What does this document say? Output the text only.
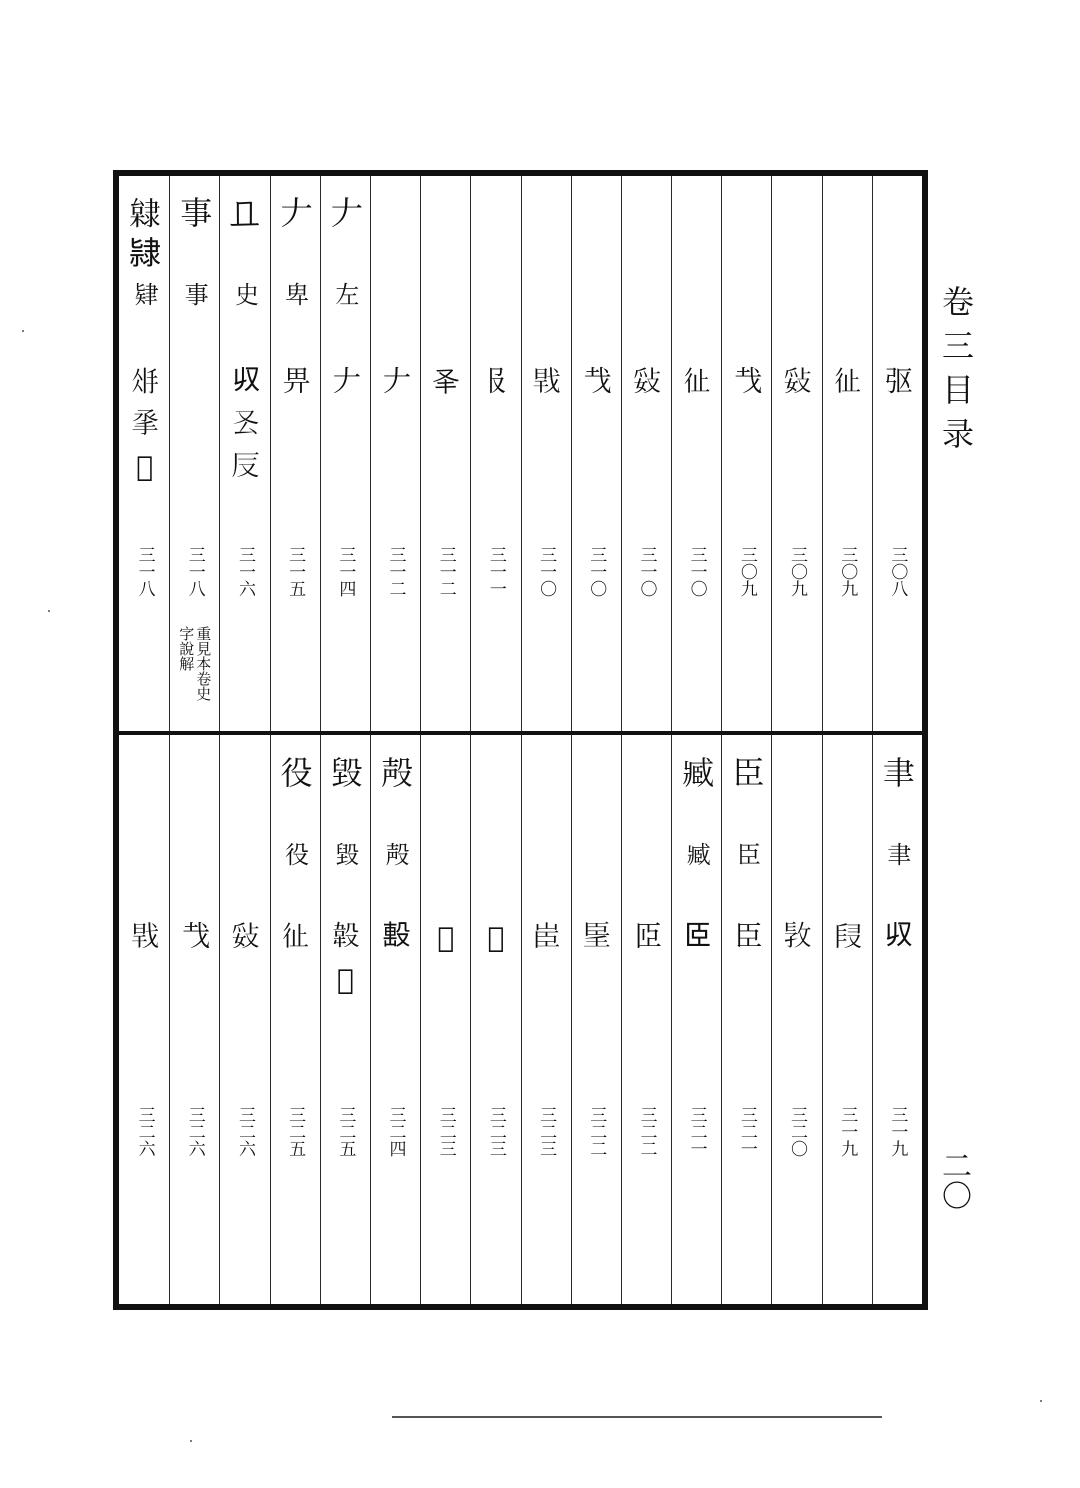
𫸩
三〇八
𢓊
三〇九
𢼻
三〇九
𢦏
三〇九
𢓊
三一〇
𢼻
三一〇
𢦏
三一〇
𢧀
三一〇
𠬝
三一一
𠬤
三一二
𠂇
三一二
𠂇
左
𠂇
三一四
𠂇
卑
畀
三一五
𠀃
史
𠬞𠬟𠬡
三一六
事
事
三一八
重見本卷史
字說解
𨽿𨽻
肄
𢪽𢪻𢪹
三一八
聿
聿
𠬞
三一九
𠭊
三一九
𢼪
三二〇
臣
臣
臣
三二一
臧
臧
𦣞
三二一
𦣝
三二二
𦣠
三二二
𦣟
三二三
𦣡
三二三
𢼸
三二三
殸
殸
𣪠
三二四
毀
毀
𣪡𣪢
三二五
役
役
𢓊
三二五
𢼻
三二六
𢦏
三二六
𢧀
三二六
卷三目录
二〇
